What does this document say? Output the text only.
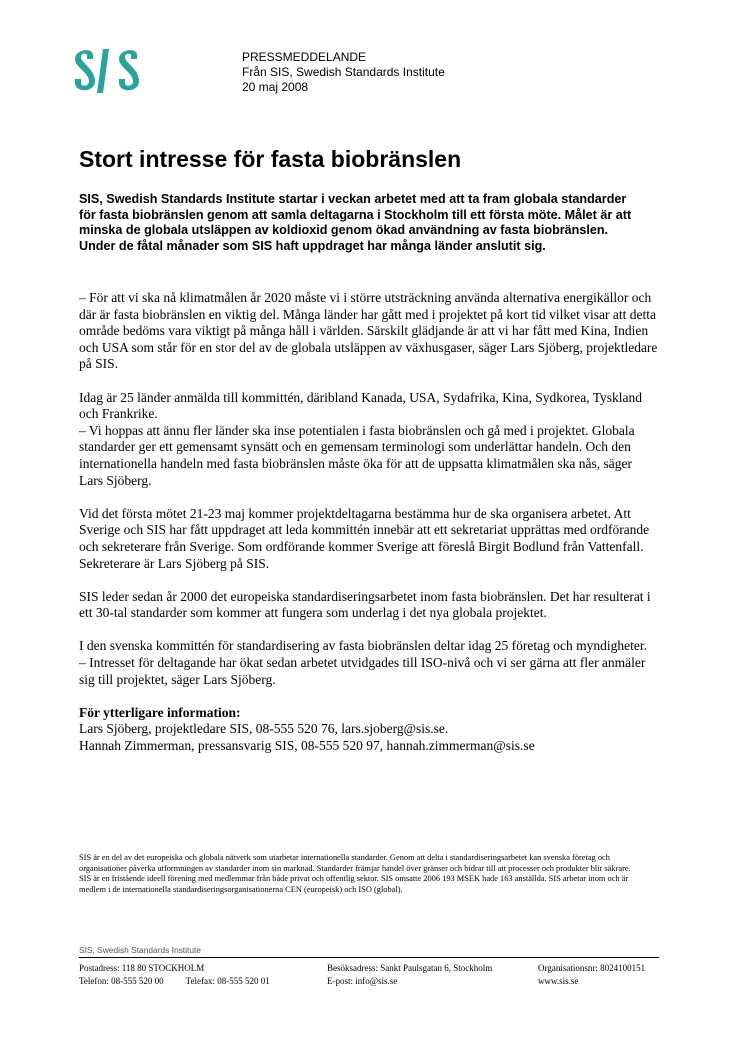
PRESSMEDDELANDE
Från SIS, Swedish Standards Institute
20 maj 2008
Stort intresse för fasta biobränslen
SIS, Swedish Standards Institute startar i veckan arbetet med att ta fram globala standarder för fasta biobränslen genom att samla deltagarna i Stockholm till ett första möte. Målet är att minska de globala utsläppen av koldioxid genom ökad användning av fasta biobränslen. Under de fåtal månader som SIS haft uppdraget har många länder anslutit sig.

– För att vi ska nå klimatmålen år 2020 måste vi i större utsträckning använda alternativa energikällor och där är fasta biobränslen en viktig del. Många länder har gått med i projektet på kort tid vilket visar att detta område bedöms vara viktigt på många håll i världen. Särskilt glädjande är att vi har fått med Kina, Indien och USA som står för en stor del av de globala utsläppen av växhusgaser, säger Lars Sjöberg, projektledare på SIS.

Idag är 25 länder anmälda till kommittén, däribland Kanada, USA, Sydafrika, Kina, Sydkorea, Tyskland och Frankrike.
– Vi hoppas att ännu fler länder ska inse potentialen i fasta biobränslen och gå med i projektet. Globala standarder ger ett gemensamt synsätt och en gemensam terminologi som underlättar handeln. Och den internationella handeln med fasta biobränslen måste öka för att de uppsatta klimatmålen ska nås, säger Lars Sjöberg.

Vid det första mötet 21-23 maj kommer projektdeltagarna bestämma hur de ska organisera arbetet. Att Sverige och SIS har fått uppdraget att leda kommittén innebär att ett sekretariat upprättas med ordförande och sekreterare från Sverige. Som ordförande kommer Sverige att föreslå Birgit Bodlund från Vattenfall. Sekreterare är Lars Sjöberg på SIS.

SIS leder sedan år 2000 det europeiska standardiseringsarbetet inom fasta biobränslen. Det har resulterat i ett 30-tal standarder som kommer att fungera som underlag i det nya globala projektet.

I den svenska kommittén för standardisering av fasta biobränslen deltar idag 25 företag och myndigheter.
– Intresset för deltagande har ökat sedan arbetet utvidgades till ISO-nivå och vi ser gärna att fler anmäler sig till projektet, säger Lars Sjöberg.

För ytterligare information:
Lars Sjöberg, projektledare SIS, 08-555 520 76, lars.sjoberg@sis.se.
Hannah Zimmerman, pressansvarig SIS, 08-555 520 97, hannah.zimmerman@sis.se

SIS är en del av det europeiska och globala nätverk som utarbetar internationella standarder. Genom att delta i standardiseringsarbetet kan svenska företag och organisationer påverka utformningen av standarder inom sin marknad. Standarder främjar handel över gränser och bidrar till att processer och produkter blir säkrare.
SIS är en fristående ideell förening med medlemmar från både privat och offentlig sektor. SIS omsatte 2006 193 MSEK hade 163 anställda. SIS arbetar inom och är medlem i de internationella standardiseringsorganisationerna CEN (europeisk) och ISO (global).
SIS, Swedish Standards Institute
Postadress: 118 80 STOCKHOLM
Telefon: 08-555 520 00 Telefax: 08-555 520 01
Besöksadress: Sankt Paulsgatan 6, Stockholm
E-post: info@sis.se
Organisationsnr: 8024100151
www.sis.se
